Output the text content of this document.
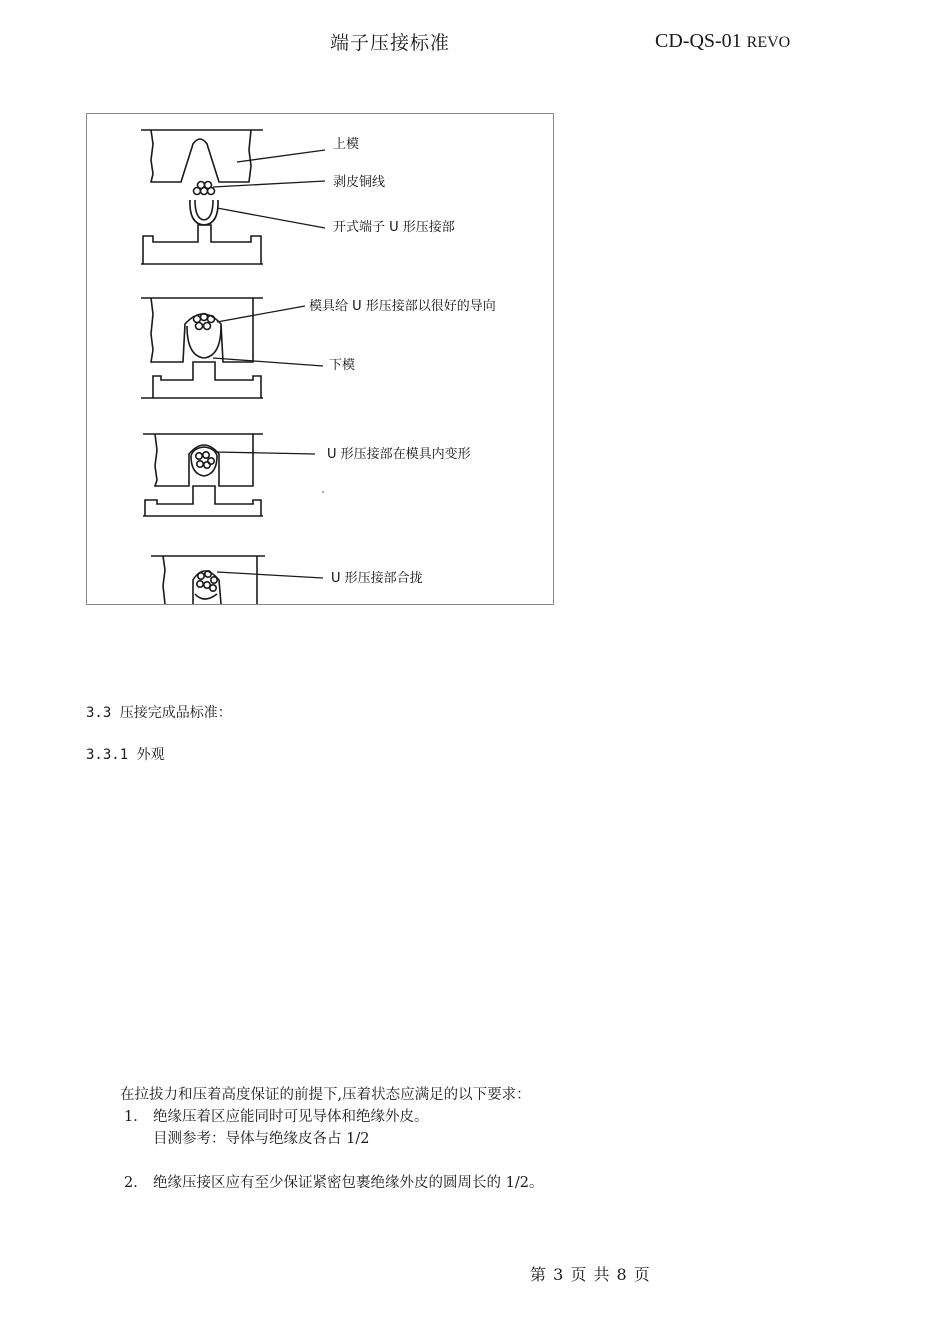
端子压接标准	CD-QS-01 REVO
上模
剥皮铜线
开式端子 U 形压接部
模具给 U 形压接部以很好的导向
下模
U 形压接部在模具内变形
U 形压接部合拢
3.3 压接完成品标准：
3.3.1 外观
在拉拔力和压着高度保证的前提下,压着状态应满足的以下要求：
1. 绝缘压着区应能同时可见导体和绝缘外皮。
目测参考：导体与绝缘皮各占 1/2
2. 绝缘压接区应有至少保证紧密包裹绝缘外皮的圆周长的 1/2。
第 3 页 共 8 页
